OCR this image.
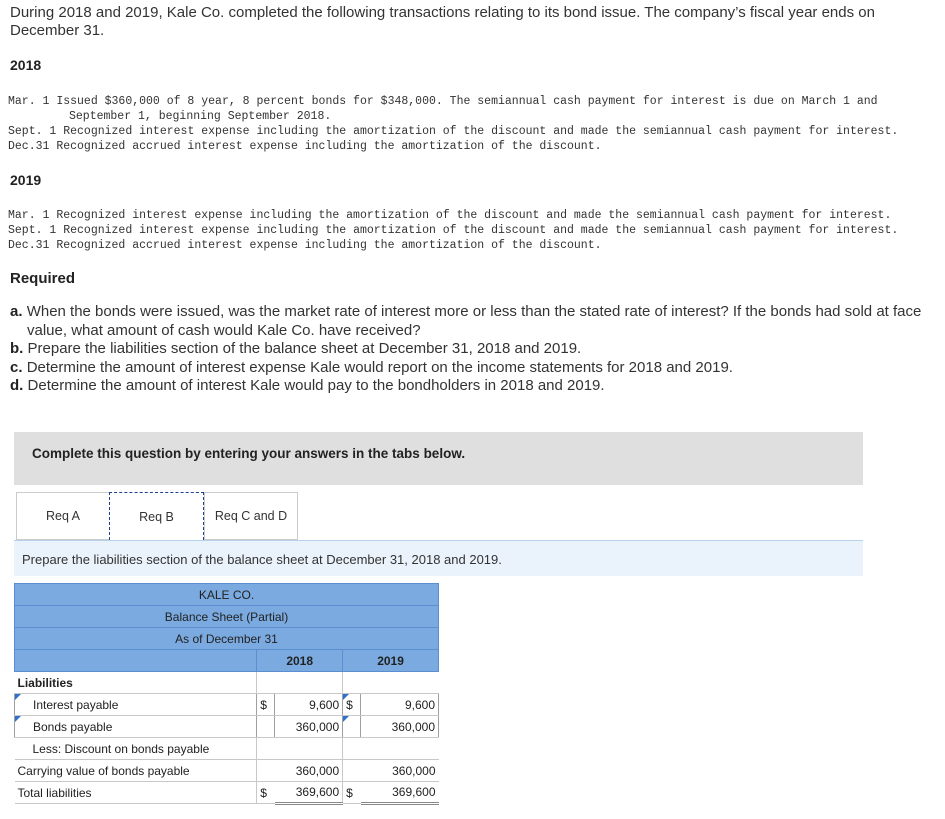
During 2018 and 2019, Kale Co. completed the following transactions relating to its bond issue. The company’s fiscal year ends on December 31.
2018
Mar. 1 Issued $360,000 of 8 year, 8 percent bonds for $348,000. The semiannual cash payment for interest is due on March 1 and
September 1, beginning September 2018.
Sept. 1 Recognized interest expense including the amortization of the discount and made the semiannual cash payment for interest.
Dec.31 Recognized accrued interest expense including the amortization of the discount.
2019
Mar. 1 Recognized interest expense including the amortization of the discount and made the semiannual cash payment for interest.
Sept. 1 Recognized interest expense including the amortization of the discount and made the semiannual cash payment for interest.
Dec.31 Recognized accrued interest expense including the amortization of the discount.
Required
a. When the bonds were issued, was the market rate of interest more or less than the stated rate of interest? If the bonds had sold at face value, what amount of cash would Kale Co. have received?
b. Prepare the liabilities section of the balance sheet at December 31, 2018 and 2019.
c. Determine the amount of interest expense Kale would report on the income statements for 2018 and 2019.
d. Determine the amount of interest Kale would pay to the bondholders in 2018 and 2019.
Complete this question by entering your answers in the tabs below.
Req A	Req B	Req C and D
Prepare the liabilities section of the balance sheet at December 31, 2018 and 2019.
KALE CO.				
Balance Sheet (Partial)				
As of December 31				
	2018		2019	
Liabilities				
Interest payable	$	9,600	$	9,600
Bonds payable		360,000		360,000
Less: Discount on bonds payable				
Carrying value of bonds payable		360,000		360,000
Total liabilities	$	369,600	$	369,600
